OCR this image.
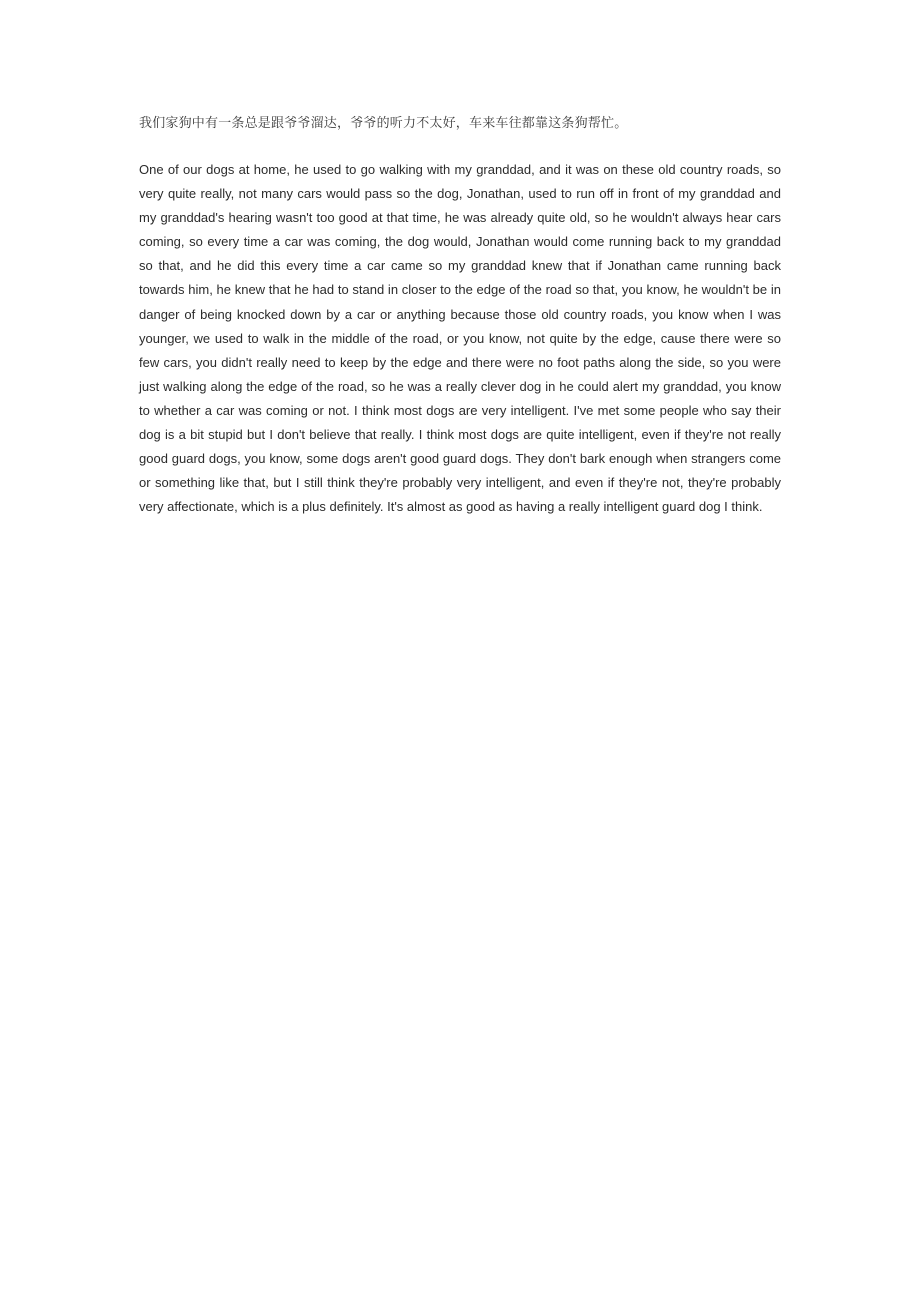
我们家狗中有一条总是跟爷爷溜达，爷爷的听力不太好，车来车往都靠这条狗帮忙。

One of our dogs at home, he used to go walking with my granddad, and it was on these old country roads, so very quite really, not many cars would pass so the dog, Jonathan, used to run off in front of my granddad and my granddad's hearing wasn't too good at that time, he was already quite old, so he wouldn't always hear cars coming, so every time a car was coming, the dog would, Jonathan would come running back to my granddad so that, and he did this every time a car came so my granddad knew that if Jonathan came running back towards him, he knew that he had to stand in closer to the edge of the road so that, you know, he wouldn't be in danger of being knocked down by a car or anything because those old country roads, you know when I was younger, we used to walk in the middle of the road, or you know, not quite by the edge, cause there were so few cars, you didn't really need to keep by the edge and there were no foot paths along the side, so you were just walking along the edge of the road, so he was a really clever dog in he could alert my granddad, you know to whether a car was coming or not. I think most dogs are very intelligent. I've met some people who say their dog is a bit stupid but I don't believe that really. I think most dogs are quite intelligent, even if they're not really good guard dogs, you know, some dogs aren't good guard dogs. They don't bark enough when strangers come or something like that, but I still think they're probably very intelligent, and even if they're not, they're probably very affectionate, which is a plus definitely. It's almost as good as having a really intelligent guard dog I think.
